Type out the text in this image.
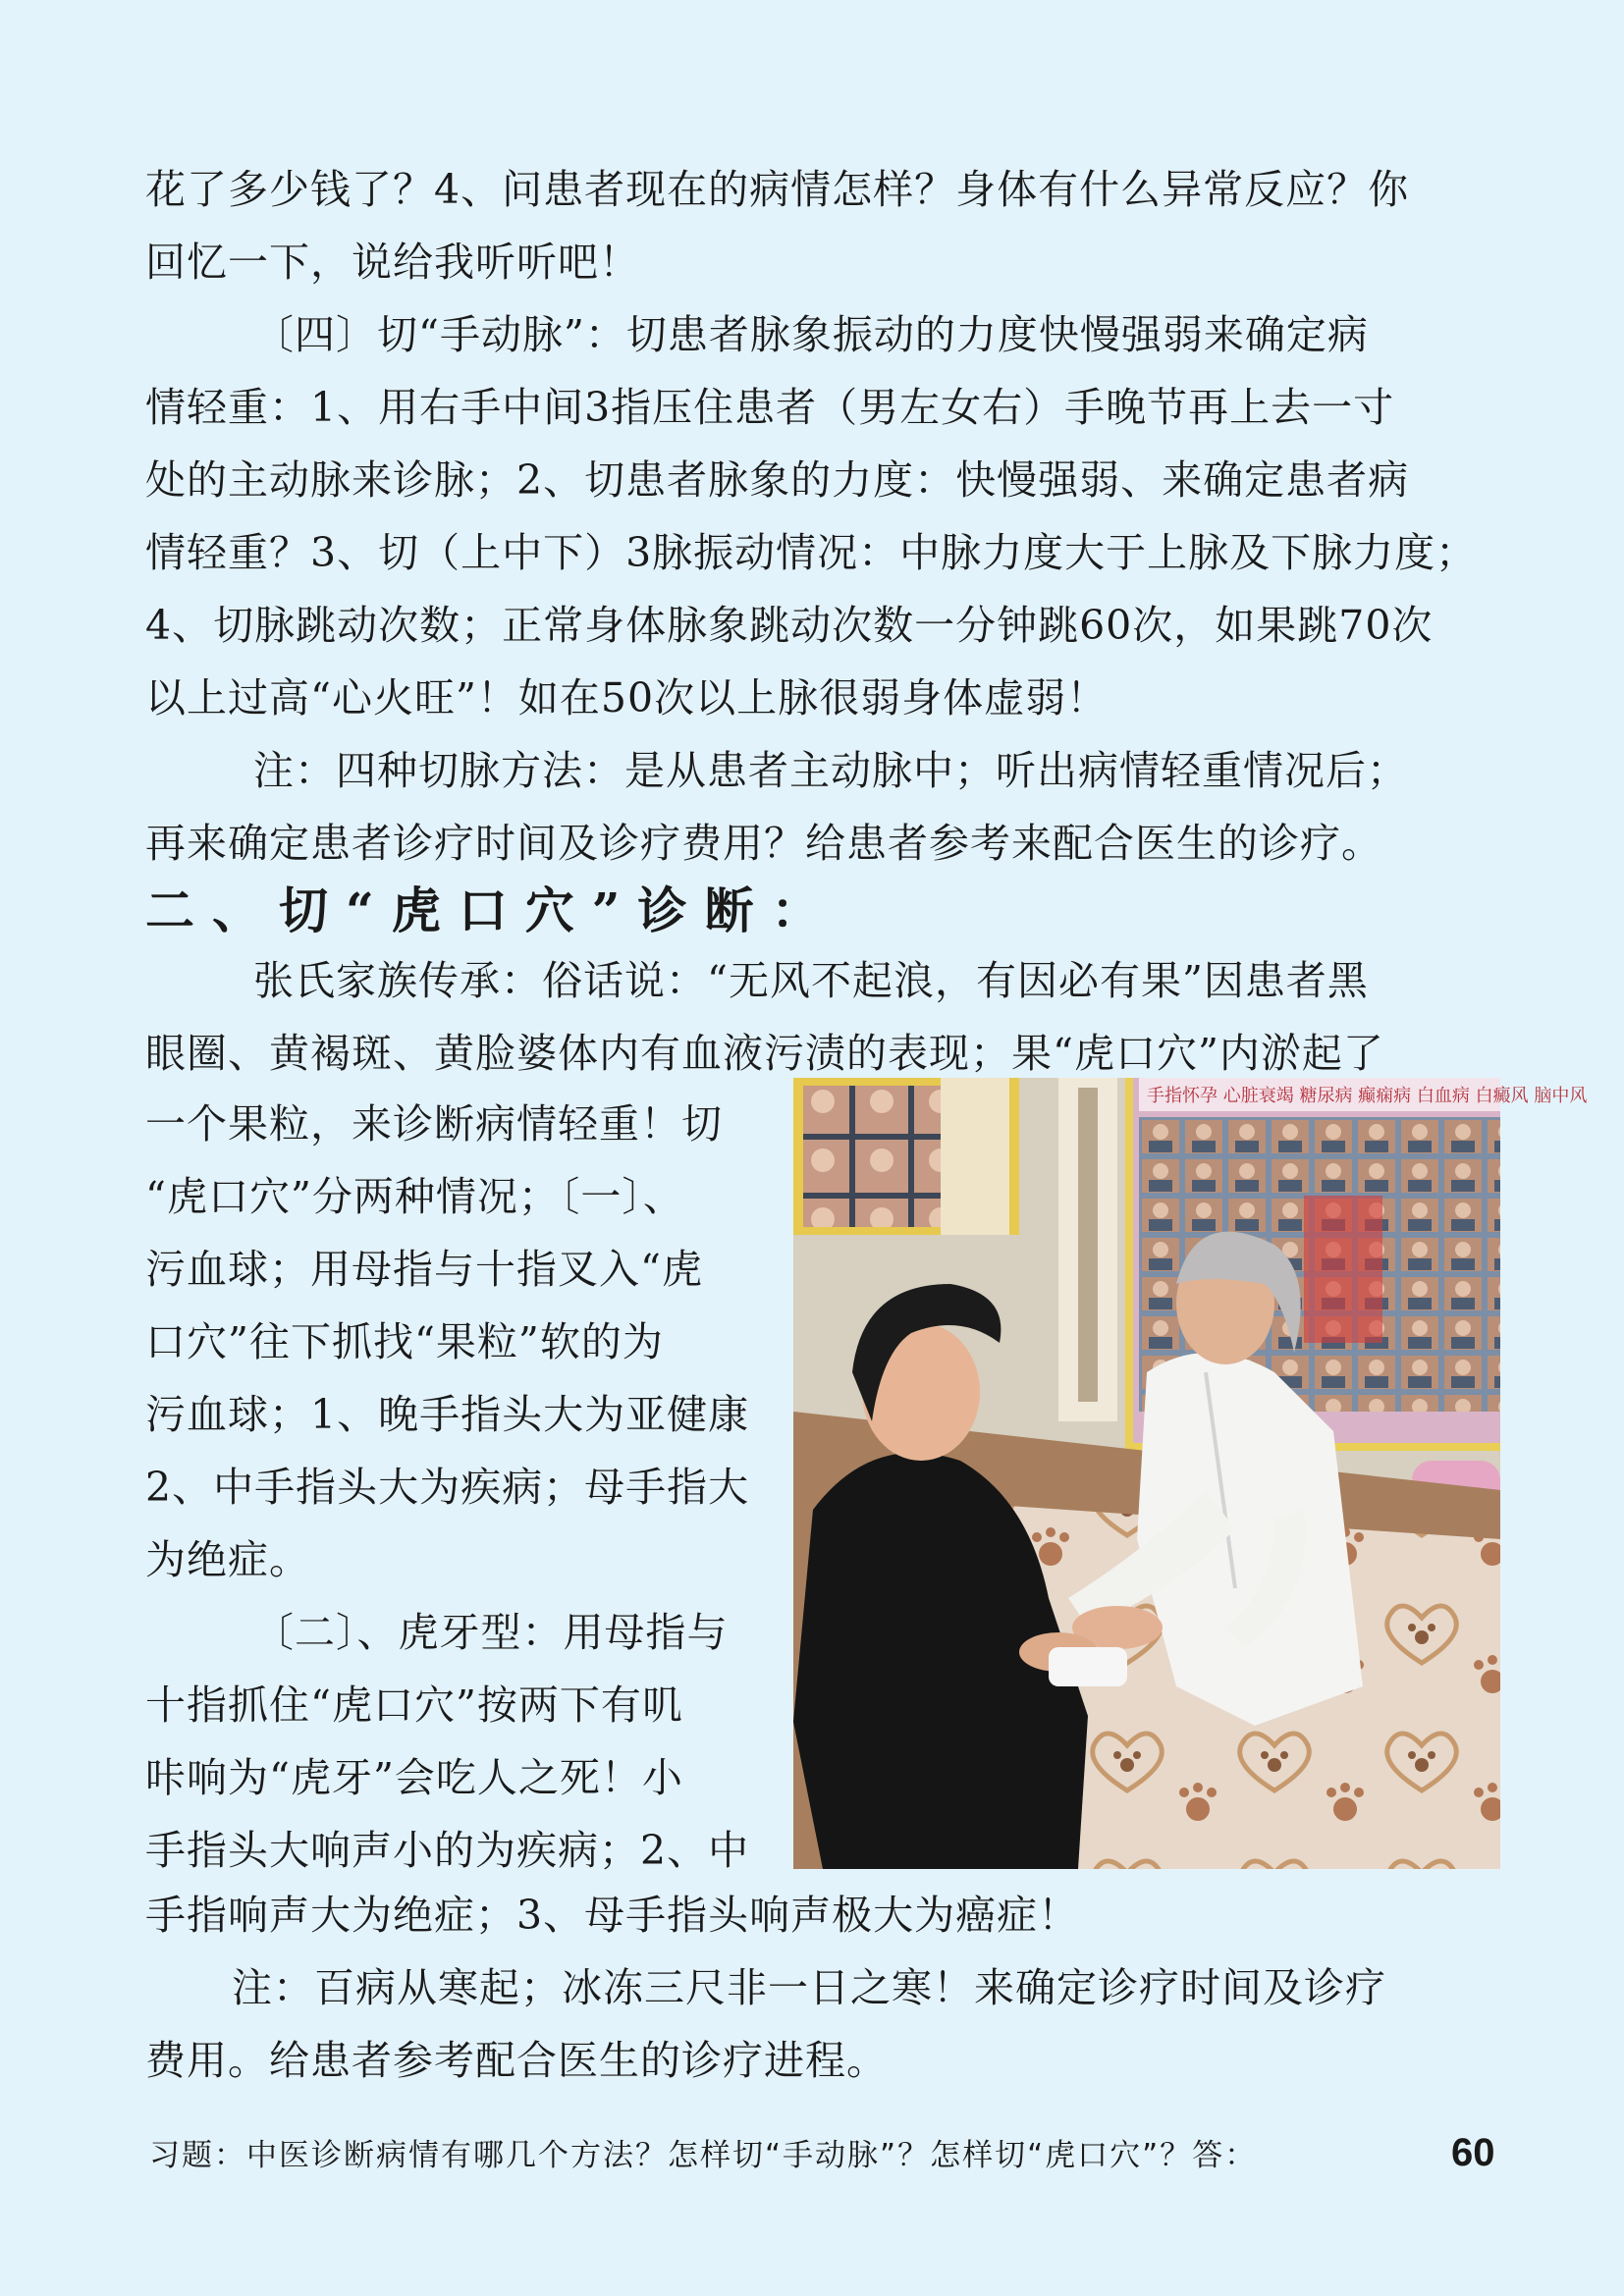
花了多少钱了？4、问患者现在的病情怎样？身体有什么异常反应？你
回忆一下，说给我听听吧！
〔四〕切“手动脉”：切患者脉象振动的力度快慢强弱来确定病
情轻重：1、用右手中间3指压住患者（男左女右）手晚节再上去一寸
处的主动脉来诊脉；2、切患者脉象的力度：快慢强弱、来确定患者病
情轻重？3、切（上中下）3脉振动情况：中脉力度大于上脉及下脉力度；
4、切脉跳动次数；正常身体脉象跳动次数一分钟跳60次，如果跳70次
以上过高“心火旺”！如在50次以上脉很弱身体虚弱！
注：四种切脉方法：是从患者主动脉中；听出病情轻重情况后；
再来确定患者诊疗时间及诊疗费用？给患者参考来配合医生的诊疗。
二、切“虎口穴”诊断：
张氏家族传承：俗话说：“无风不起浪，有因必有果”因患者黑
眼圈、黄褐斑、黄脸婆体内有血液污渍的表现；果“虎口穴”内淤起了
一个果粒，来诊断病情轻重！切
“虎口穴”分两种情况；〔一〕、
污血球；用母指与十指叉入“虎
口穴”往下抓找“果粒”软的为
污血球；1、晚手指头大为亚健康
2、中手指头大为疾病；母手指大
为绝症。
〔二〕、虎牙型：用母指与
十指抓住“虎口穴”按两下有叽
咔响为“虎牙”会吃人之死！小
手指头大响声小的为疾病；2、中
手指怀孕 心脏衰竭 糖尿病 癫痫病 白血病 白癜风 脑中风
手指响声大为绝症；3、母手指头响声极大为癌症！
注：百病从寒起；冰冻三尺非一日之寒！来确定诊疗时间及诊疗
费用。给患者参考配合医生的诊疗进程。
习题：中医诊断病情有哪几个方法？怎样切“手动脉”？怎样切“虎口穴”？答：	60
